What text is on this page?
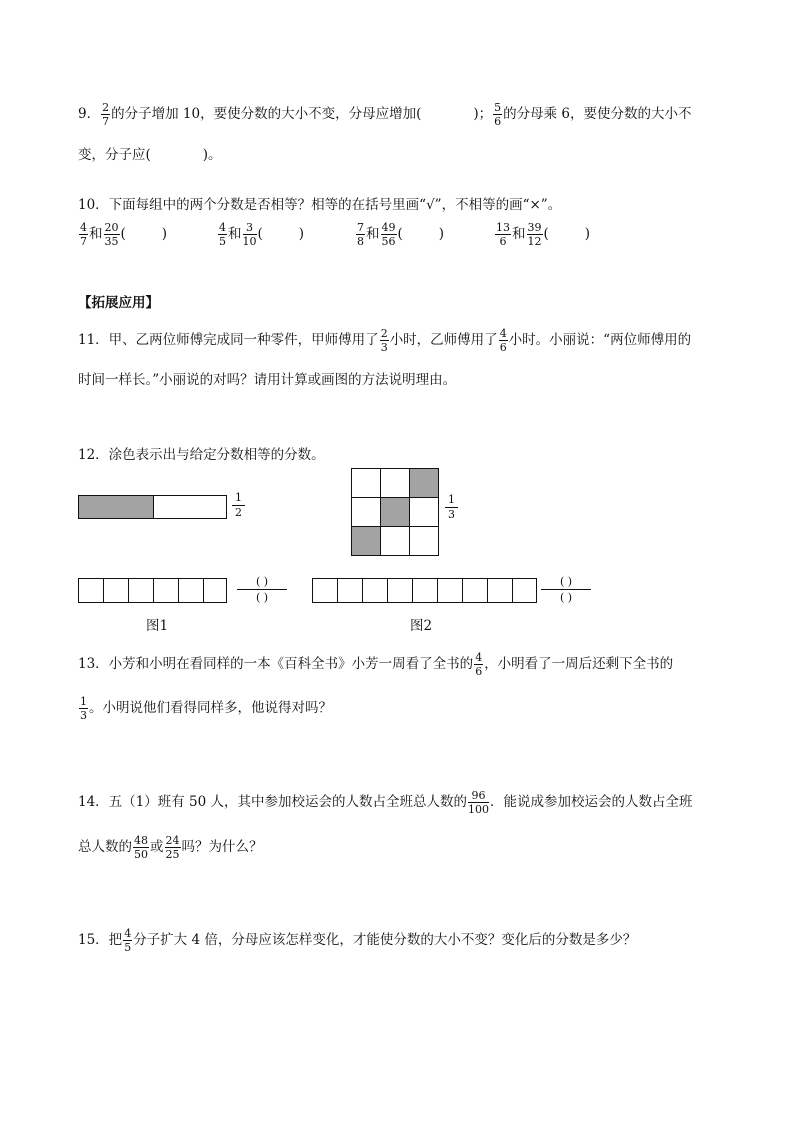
9． $\frac{2}{7}$ 的分子增加 10，要使分数的大小不变，分母应增加(	)； $\frac{5}{6}$ 的分母乘 6，要使分数的大小不
变，分子应(	)。
10．下面每组中的两个分数是否相等？相等的在括号里画“√”，不相等的画“×”。
$\frac{4}{7}$ 和 $\frac{20}{35}$ (	)	$\frac{4}{5}$ 和 $\frac{3}{10}$ (	)	$\frac{7}{8}$ 和 $\frac{49}{56}$ (	)	$\frac{13}{6}$ 和 $\frac{39}{12}$ (	)
【拓展应用】
11．甲、乙两位师傅完成同一种零件，甲师傅用了 $\frac{2}{3}$ 小时，乙师傅用了 $\frac{4}{6}$ 小时。小丽说：“两位师傅用的
时间一样长。”小丽说的对吗？请用计算或画图的方法说明理由。
12．涂色表示出与给定分数相等的分数。
$\frac{1}{2}$	$\frac{1}{3}$
( )
( )
( )
( )
图1	图2
13．小芳和小明在看同样的一本《百科全书》小芳一周看了全书的 $\frac{4}{6}$ ，小明看了一周后还剩下全书的
$\frac{1}{3}$ 。小明说他们看得同样多，他说得对吗？
14．五（1）班有 50 人，其中参加校运会的人数占全班总人数的 $\frac{96}{100}$ ．能说成参加校运会的人数占全班
总人数的 $\frac{48}{50}$ 或 $\frac{24}{25}$ 吗？为什么？
15．把 $\frac{4}{5}$ 分子扩大 4 倍，分母应该怎样变化，才能使分数的大小不变？变化后的分数是多少？
